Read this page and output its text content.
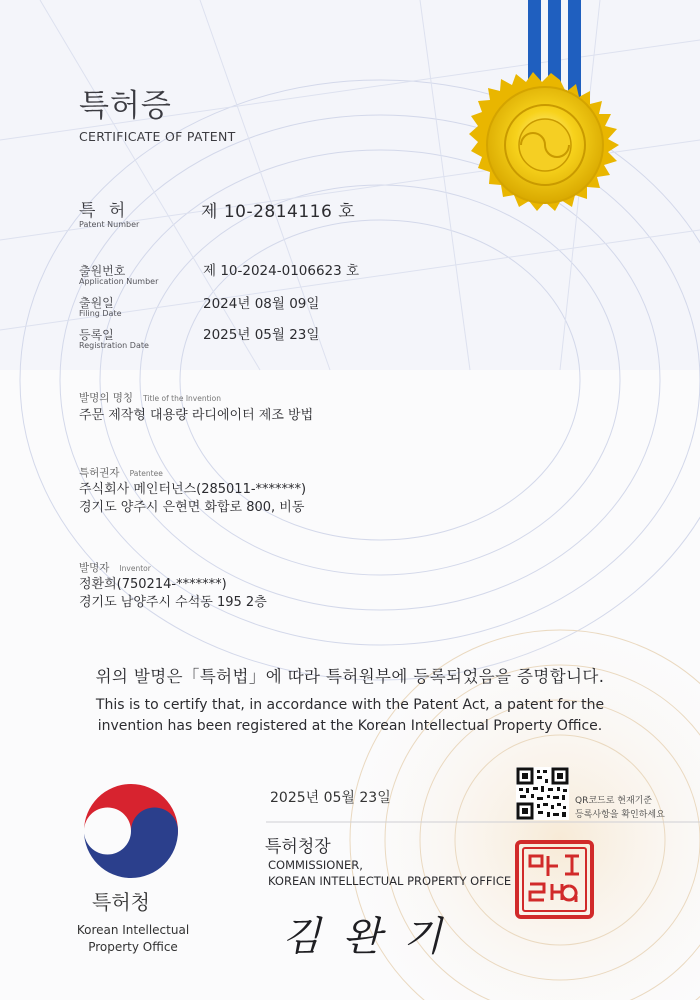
특허증
CERTIFICATE OF PATENT
특 허
Patent Number
제 10-2814116 호
출원번호
Application Number
제 10-2024-0106623 호
출원일
Filing Date
2024년 08월 09일
등록일
Registration Date
2025년 05월 23일
발명의 명칭 Title of the Invention
주문 제작형 대용량 라디에이터 제조 방법
특허권자 Patentee
주식회사 메인터넌스(285011-*******)
경기도 양주시 은현면 화합로 800, 비동
발명자 Inventor
정환희(750214-*******)
경기도 남양주시 수석동 195 2층
위의 발명은「특허법」에 따라 특허원부에 등록되었음을 증명합니다.
This is to certify that, in accordance with the Patent Act, a patent for the
invention has been registered at the Korean Intellectual Property Office.
2025년 05월 23일	QR코드로 현재기준
등록사항을 확인하세요
특허청장
COMMISSIONER,
KOREAN INTELLECTUAL PROPERTY OFFICE
김완기
특허청
Korean Intellectual
Property Office
